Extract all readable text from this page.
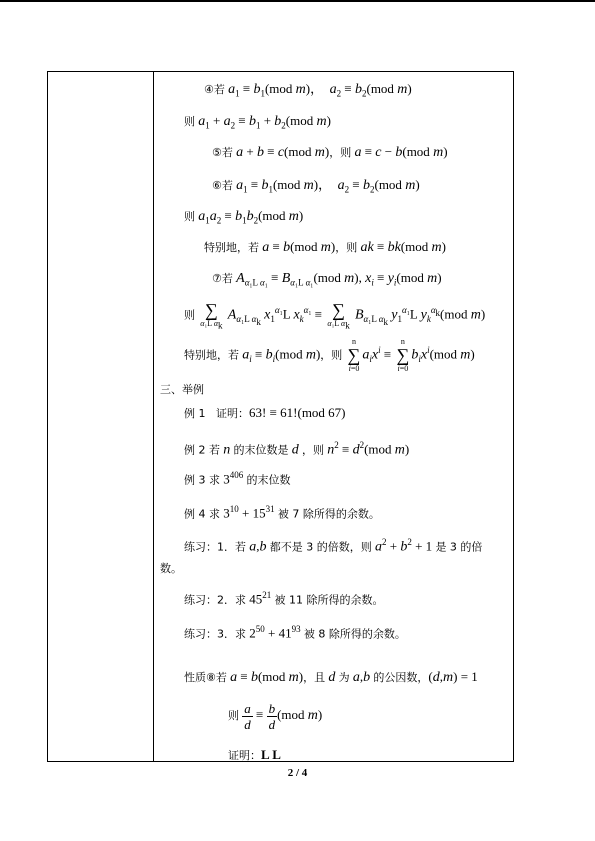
④若 $a_1 \equiv b_1(mod$ m)，  $a_2 \equiv b_2(mod$ m)
则 $a_1 + a_2 \equiv b_1 + b_2(mod$ m)
⑤若 a + b ≡ c(mod m)，则 a ≡ c − b(mod m)
⑥若 $a_1 \equiv b_1(mod$ m)，  $a_2 \equiv b_2(mod$ m)
则 $a_1a_2 \equiv b_1b_2(mod$ m)
特别地，若 a ≡ b(mod m)，则 ak ≡ bk(mod m)
⑦若 $A_{\alpha_1L \alpha_1} \equiv B_{\alpha_1L \alpha_1}(mod$ m), $x_i \equiv y_i(mod$ m)
则 ∑
α₁L $\alpha_k$ $A_{\alpha_1L \alpha_k}$ $x_1^{\alpha_1}L$ $x_k^{\alpha_1}$ ≡ ∑
α₁L $\alpha_k$ $B_{\alpha_1L \alpha_k}$ $y_1^{\alpha_1}L$ $y_k^{\alpha_k}(mod$ m)
特别地，若 $a_i \equiv b_i(mod$ m)，则 n
∑
$i=0a_ix^i \equiv n$
∑
$i=0b_ix^i(mod$ m)
三、举例
例 1   证明：63! ≡ 61!(mod 67)
例 2 若 n 的末位数是 d ，则 $n^2 \equiv d^2(mod$ m)
例 3 求 $3^{406}$ 的末位数
例 4 求 $3^{10} + 15^{31}$ 被 7 除所得的余数。
练习：1．若 a,b 都不是 3 的倍数，则 $a^2 + b^2 + 1$ 是 3 的倍
数。
练习：2．求 $45^{21}$ 被 11 除所得的余数。
练习：3．求 $2^{50} + 41^{93}$ 被 8 除所得的余数。
性质⑧若 a ≡ b(mod m)，且 d 为 a,b 的公因数，(d,m) = 1
则 $\frac{a}{d} \equiv \frac{b}{d} (mod$ m)
证明：L L
2 / 4
